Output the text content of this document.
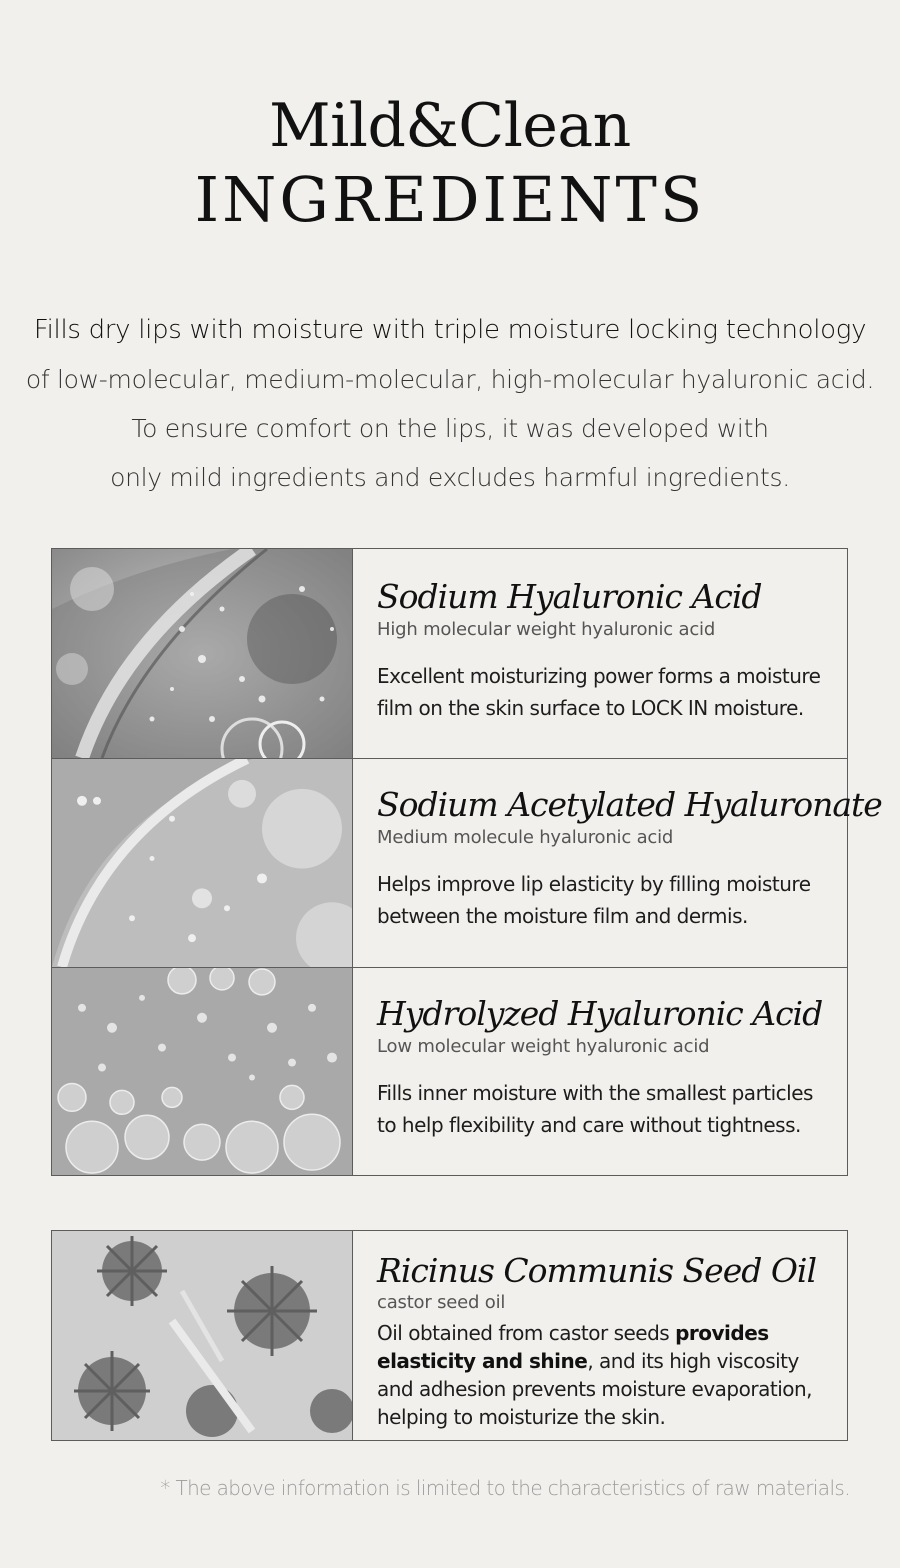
Mild&Clean
INGREDIENTS
Fills dry lips with moisture with triple moisture locking technology
of low-molecular, medium-molecular, high-molecular hyaluronic acid.
To ensure comfort on the lips, it was developed with
only mild ingredients and excludes harmful ingredients.
Sodium Hyaluronic Acid
High molecular weight hyaluronic acid
Excellent moisturizing power forms a moisture film on the skin surface to LOCK IN moisture.
Sodium Acetylated Hyaluronate
Medium molecule hyaluronic acid
Helps improve lip elasticity by filling moisture between the moisture film and dermis.
Hydrolyzed Hyaluronic Acid
Low molecular weight hyaluronic acid
Fills inner moisture with the smallest particles to help flexibility and care without tightness.
Ricinus Communis Seed Oil
castor seed oil
Oil obtained from castor seeds provides elasticity and shine, and its high viscosity and adhesion prevents moisture evaporation, helping to moisturize the skin.
* The above information is limited to the characteristics of raw materials.
